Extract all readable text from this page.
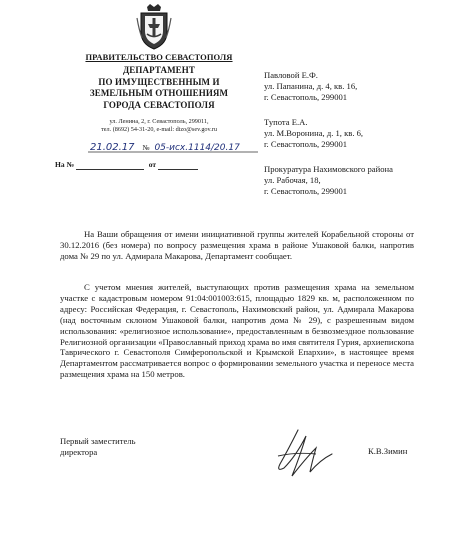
ПРАВИТЕЛЬСТВО СЕВАСТОПОЛЯ
ДЕПАРТАМЕНТ
ПО ИМУЩЕСТВЕННЫМ И
ЗЕМЕЛЬНЫМ ОТНОШЕНИЯМ
ГОРОДА СЕВАСТОПОЛЯ
ул. Ленина, 2, г. Севастополь, 299011,
тел. (8692) 54-31-20, e-mail: dizo@sev.gov.ru
21.02.17 № 05-исх.1114/20.17
На №	от
Павловой Е.Ф.
ул. Папанина, д. 4, кв. 16,
г. Севастополь, 299001
Тупота Е.А.
ул. М.Воронина, д. 1, кв. 6,
г. Севастополь, 299001
Прокуратура Нахимовского района
ул. Рабочая, 18,
г. Севастополь, 299001
На Ваши обращения от имени инициативной группы жителей Корабельной стороны от 30.12.2016 (без номера) по вопросу размещения храма в районе Ушаковой балки, напротив дома № 29 по ул. Адмирала Макарова, Департамент сообщает.
С учетом мнения жителей, выступающих против размещения храма на земельном участке с кадастровым номером 91:04:001003:615, площадью 1829 кв. м, расположенном по адресу: Российская Федерация, г. Севастополь, Нахимовский район, ул. Адмирала Макарова (над восточным склоном Ушаковой балки, напротив дома № 29), с разрешенным видом использования: «религиозное использование», предоставленным в безвозмездное пользование Религиозной организации «Православный приход храма во имя святителя Гурия, архиепископа Таврического г. Севастополя Симферопольской и Крымской Епархии», в настоящее время Департаментом рассматривается вопрос о формировании земельного участка и переносе места размещения храма на 150 метров.
Первый заместитель
директора	К.В.Зимин
